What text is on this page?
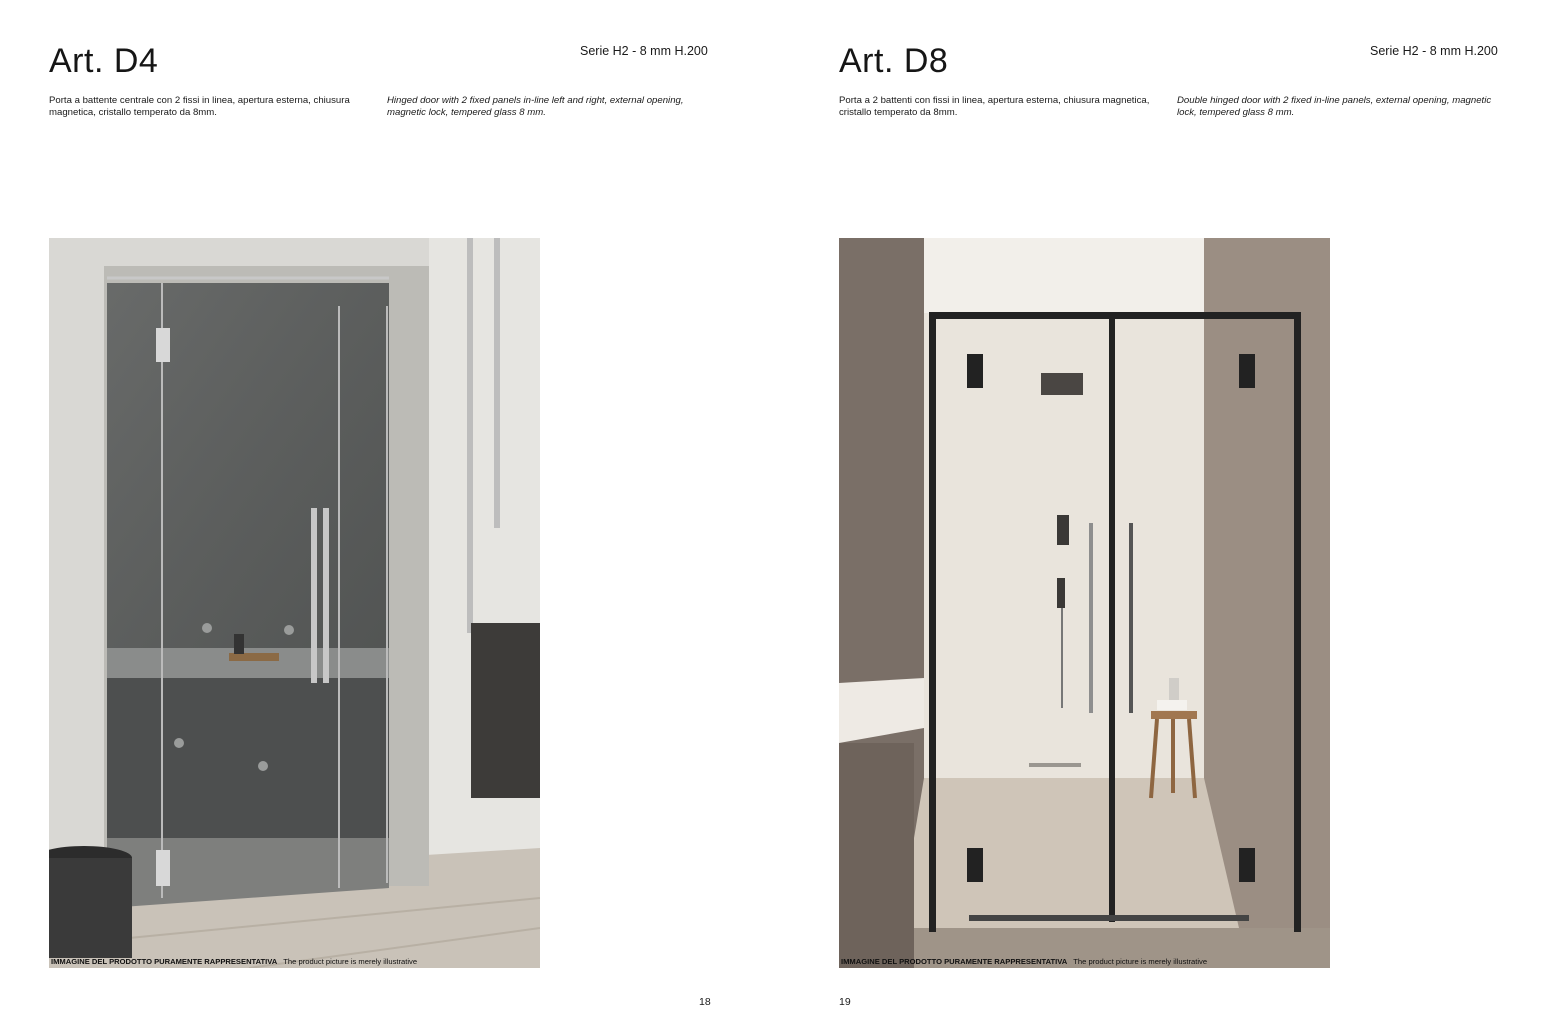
Art. D4	Serie H2 - 8 mm H.200
Porta a battente centrale con 2 fissi in linea, apertura esterna, chiusura magnetica, cristallo temperato da 8mm.
Hinged door with 2 fixed panels in-line left and right, external opening, magnetic lock, tempered glass 8 mm.
IMMAGINE DEL PRODOTTO PURAMENTE RAPPRESENTATIVA The product picture is merely illustrative
18
Art. D8	Serie H2 - 8 mm H.200
Porta a 2 battenti con fissi in linea, apertura esterna, chiusura magnetica, cristallo temperato da 8mm.
Double hinged door with 2 fixed in-line panels, external opening, magnetic lock, tempered glass 8 mm.
IMMAGINE DEL PRODOTTO PURAMENTE RAPPRESENTATIVA The product picture is merely illustrative
19
